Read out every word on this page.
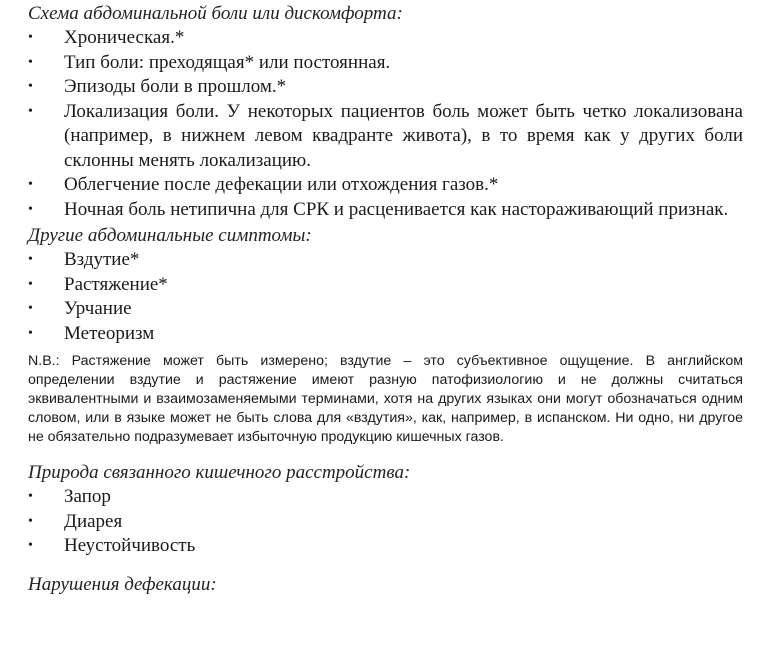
Схема абдоминальной боли или дискомфорта:

•	Хроническая.*
•	Тип боли: преходящая* или постоянная.
•	Эпизоды боли в прошлом.*
•	Локализация боли. У некоторых пациентов боль может быть четко локализована (например, в нижнем левом квадранте живота), в то время как у других боли склонны менять локализацию.
•	Облегчение после дефекации или отхождения газов.*
•	Ночная боль нетипична для СРК и расценивается как настораживающий признак.

Другие абдоминальные симптомы:

•	Вздутие*
•	Растяжение*
•	Урчание
•	Метеоризм

N.B.: Растяжение может быть измерено; вздутие – это субъективное ощущение. В английском определении вздутие и растяжение имеют разную патофизиологию и не должны считаться эквивалентными и взаимозаменяемыми терминами, хотя на других языках они могут обозначаться одним словом, или в языке может не быть слова для «вздутия», как, например, в испанском. Ни одно, ни другое не обязательно подразумевает избыточную продукцию кишечных газов.

Природа связанного кишечного расстройства:

•	Запор
•	Диарея
•	Неустойчивость

Нарушения дефекации:
